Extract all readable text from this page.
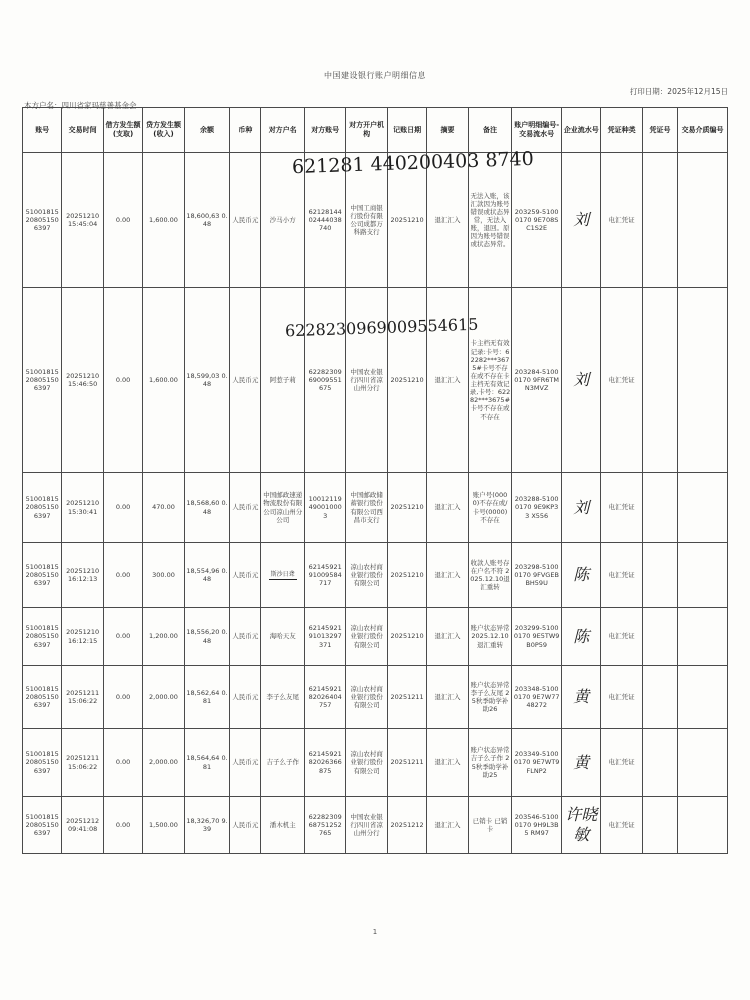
中国建设银行账户明细信息
打印日期：2025年12月15日
本方户名：四川省家玛慈善基金会
账号	交易时间	借方发生额(支取)	贷方发生额(收入)	余额	币种	对方户名	对方账号	对方开户机构	记账日期	摘要	备注	账户明细编号-交易流水号	企业流水号	凭证种类	凭证号	交易介质编号
51001815 20805150 6397	20251210 15:45:04	0.00	1,600.00	18,600,63 0.48	人民币元	沙马小方	62128144 02444038 740	中国工商银行股份有限公司成都万科路支行	20251210	退汇汇入	无法入账，该汇款因为账号错误或状态异常，无法入账，退回。原因为账号错误或状态异常。	203259-51000170 9E708S C1S2E	刘	电汇凭证		
51001815 20805150 6397	20251210 15:46:50	0.00	1,600.00	18,599,03 0.48	人民币元	阿惹子莉	62282309 69009551 675	中国农业银行四川省凉山州分行	20251210	退汇汇入	卡主档无有效记录:卡号：62282***3675#卡号不存在或不存在卡主档无有效记录,卡号：62282***3675#卡号不存在或不存在	203284-51000170 9FR6TM N3MVZ	刘	电汇凭证		
51001815 20805150 6397	20251210 15:30:41	0.00	470.00	18,568,60 0.48	人民币元	中国邮政速递物流股份有限公司凉山州分公司	10012119 49001000 3	中国邮政储蓄银行股份有限公司西昌市支行	20251210	退汇汇入	账户号(0000)不存在或/卡号(0000)不存在	203288-51000170 9E9KP33 X556	刘	电汇凭证		
51001815 20805150 6397	20251210 16:12:13	0.00	300.00	18,554,96 0.48	人民币元	斯沙日聋	62145921 91009584 717	凉山农村商业银行股份有限公司	20251210	退汇汇入	收款人账号存在户名不符 2025.12.10退汇重转	203298-51000170 9FVGEB BH59U	陈	电汇凭证		
51001815 20805150 6397	20251210 16:12:15	0.00	1,200.00	18,556,20 0.48	人民币元	海哈天友	62145921 91013297 371	凉山农村商业银行股份有限公司	20251210	退汇汇入	账户状态异常 2025.12.10退汇重转	203299-51000170 9E5TW9 B0P59	陈	电汇凭证		
51001815 20805150 6397	20251211 15:06:22	0.00	2,000.00	18,562,64 0.81	人民币元	李子么友尾	62145921 82026404 757	凉山农村商业银行股份有限公司	20251211	退汇汇入	账户状态异常 李子么友尾 25秋季助学补助26	203348-51000170 9E7W77 48272	黄	电汇凭证		
51001815 20805150 6397	20251211 15:06:22	0.00	2,000.00	18,564,64 0.81	人民币元	吉子么子作	62145921 82026366 875	凉山农村商业银行股份有限公司	20251211	退汇汇入	账户状态异常 吉子么子作 25秋季助学补助25	203349-51000170 9E7WT9 FLNP2	黄	电汇凭证		
51001815 20805150 6397	20251212 09:41:08	0.00	1,500.00	18,326,70 9.39	人民币元	潘木机主	62282309 68751252 765	中国农业银行四川省凉山州分行	20251212	退汇汇入	已销卡 已销卡	203546-51000170 9H9L3B5 RM97	许晓敏	电汇凭证		
1
621281 440200403 8740
6228230969009554615
